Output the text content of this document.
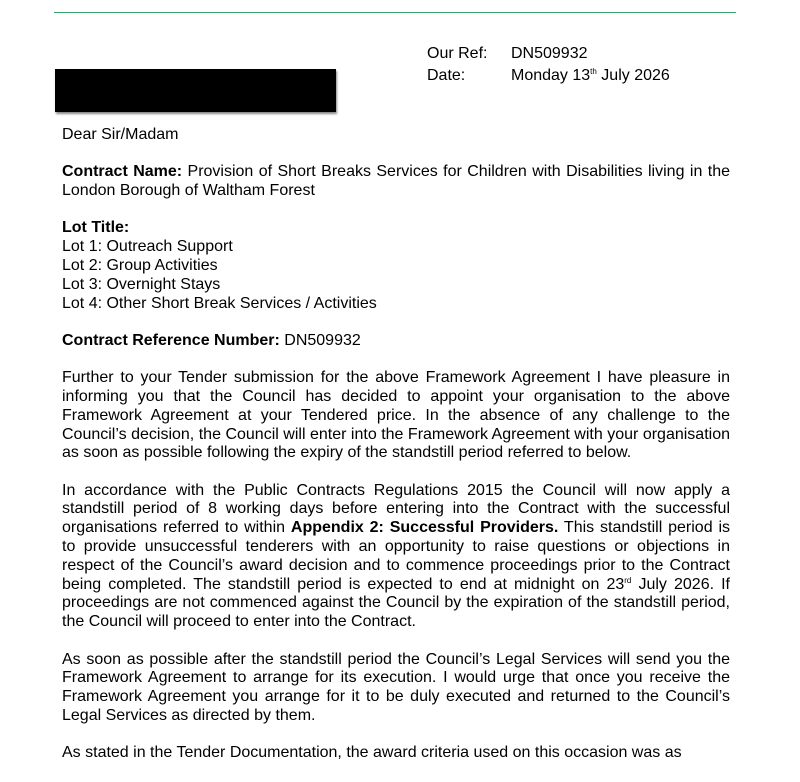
Our Ref:	DN509932
Date:	Monday 13th July 2026

Dear Sir/Madam

Contract Name: Provision of Short Breaks Services for Children with Disabilities living in the London Borough of Waltham Forest

Lot Title:

Lot 1: Outreach Support

Lot 2: Group Activities

Lot 3: Overnight Stays

Lot 4: Other Short Break Services / Activities

Contract Reference Number: DN509932

Further to your Tender submission for the above Framework Agreement I have pleasure in informing you that the Council has decided to appoint your organisation to the above Framework Agreement at your Tendered price. In the absence of any challenge to the Council’s decision, the Council will enter into the Framework Agreement with your organisation as soon as possible following the expiry of the standstill period referred to below.

In accordance with the Public Contracts Regulations 2015 the Council will now apply a standstill period of 8 working days before entering into the Contract with the successful organisations referred to within Appendix 2: Successful Providers. This standstill period is to provide unsuccessful tenderers with an opportunity to raise questions or objections in respect of the Council’s award decision and to commence proceedings prior to the Contract being completed. The standstill period is expected to end at midnight on 23rd July 2026. If proceedings are not commenced against the Council by the expiration of the standstill period, the Council will proceed to enter into the Contract.

As soon as possible after the standstill period the Council’s Legal Services will send you the Framework Agreement to arrange for its execution. I would urge that once you receive the Framework Agreement you arrange for it to be duly executed and returned to the Council’s Legal Services as directed by them.

As stated in the Tender Documentation, the award criteria used on this occasion was as
